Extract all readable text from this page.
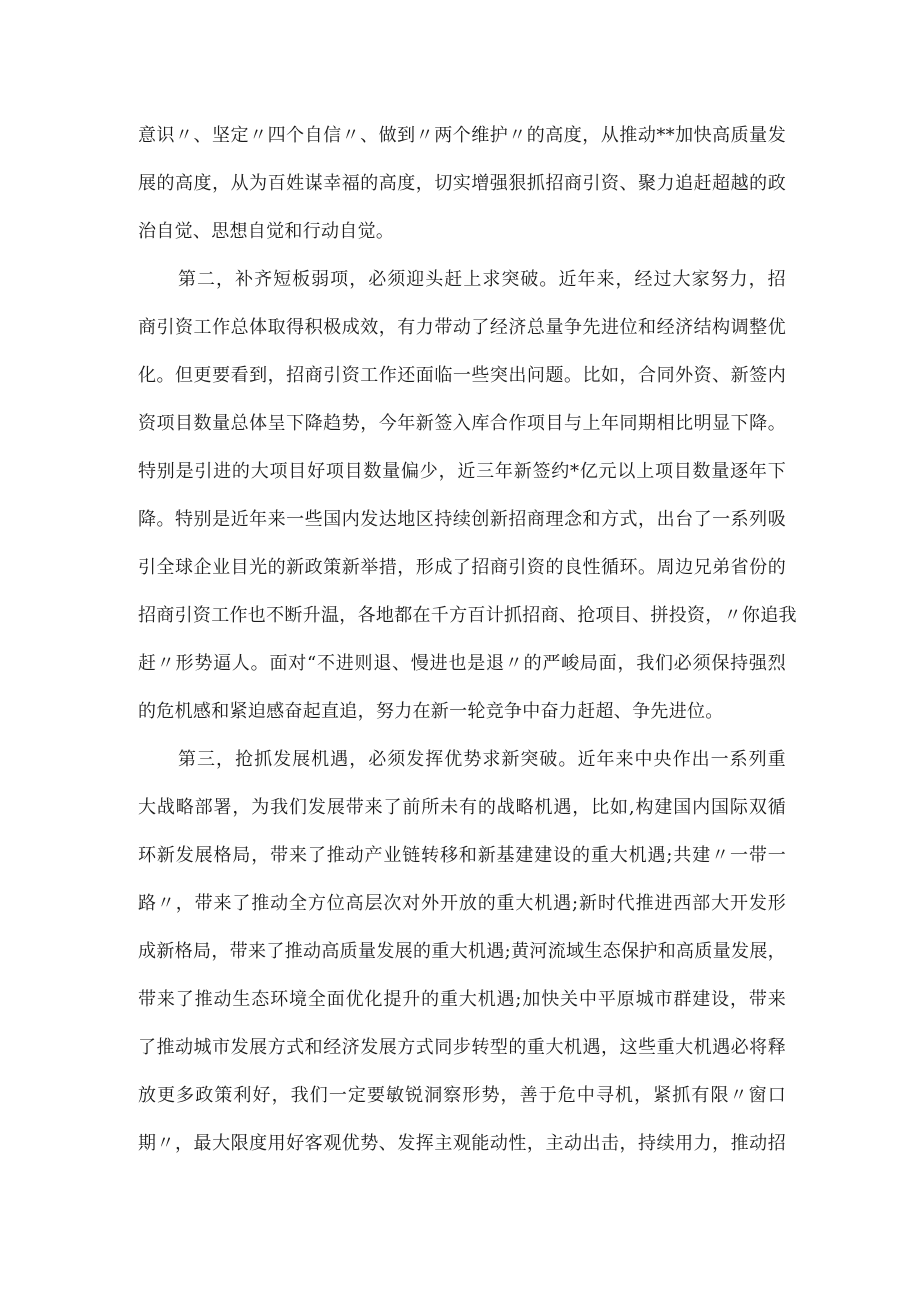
意识〃、坚定〃四个自信〃、做到〃两个维护〃的高度，从推动**加快高质量发
展的高度，从为百姓谋幸福的高度，切实增强狠抓招商引资、聚力追赶超越的政
治自觉、思想自觉和行动自觉。
第二，补齐短板弱项，必须迎头赶上求突破。近年来，经过大家努力，招
商引资工作总体取得积极成效，有力带动了经济总量争先进位和经济结构调整优
化。但更要看到，招商引资工作还面临一些突出问题。比如，合同外资、新签内
资项目数量总体呈下降趋势，今年新签入库合作项目与上年同期相比明显下降。
特别是引进的大项目好项目数量偏少，近三年新签约*亿元以上项目数量逐年下
降。特别是近年来一些国内发达地区持续创新招商理念和方式，出台了一系列吸
引全球企业目光的新政策新举措，形成了招商引资的良性循环。周边兄弟省份的
招商引资工作也不断升温，各地都在千方百计抓招商、抢项目、拼投资，〃你追我
赶〃形势逼人。面对“不进则退、慢进也是退〃的严峻局面，我们必须保持强烈
的危机感和紧迫感奋起直追，努力在新一轮竞争中奋力赶超、争先进位。
第三，抢抓发展机遇，必须发挥优势求新突破。近年来中央作出一系列重
大战略部署，为我们发展带来了前所未有的战略机遇，比如,构建国内国际双循
环新发展格局，带来了推动产业链转移和新基建建设的重大机遇;共建〃一带一
路〃，带来了推动全方位高层次对外开放的重大机遇;新时代推进西部大开发形
成新格局，带来了推动高质量发展的重大机遇;黄河流域生态保护和高质量发展，
带来了推动生态环境全面优化提升的重大机遇;加快关中平原城市群建设，带来
了推动城市发展方式和经济发展方式同步转型的重大机遇，这些重大机遇必将释
放更多政策利好，我们一定要敏锐洞察形势，善于危中寻机，紧抓有限〃窗口
期〃，最大限度用好客观优势、发挥主观能动性，主动出击，持续用力，推动招
